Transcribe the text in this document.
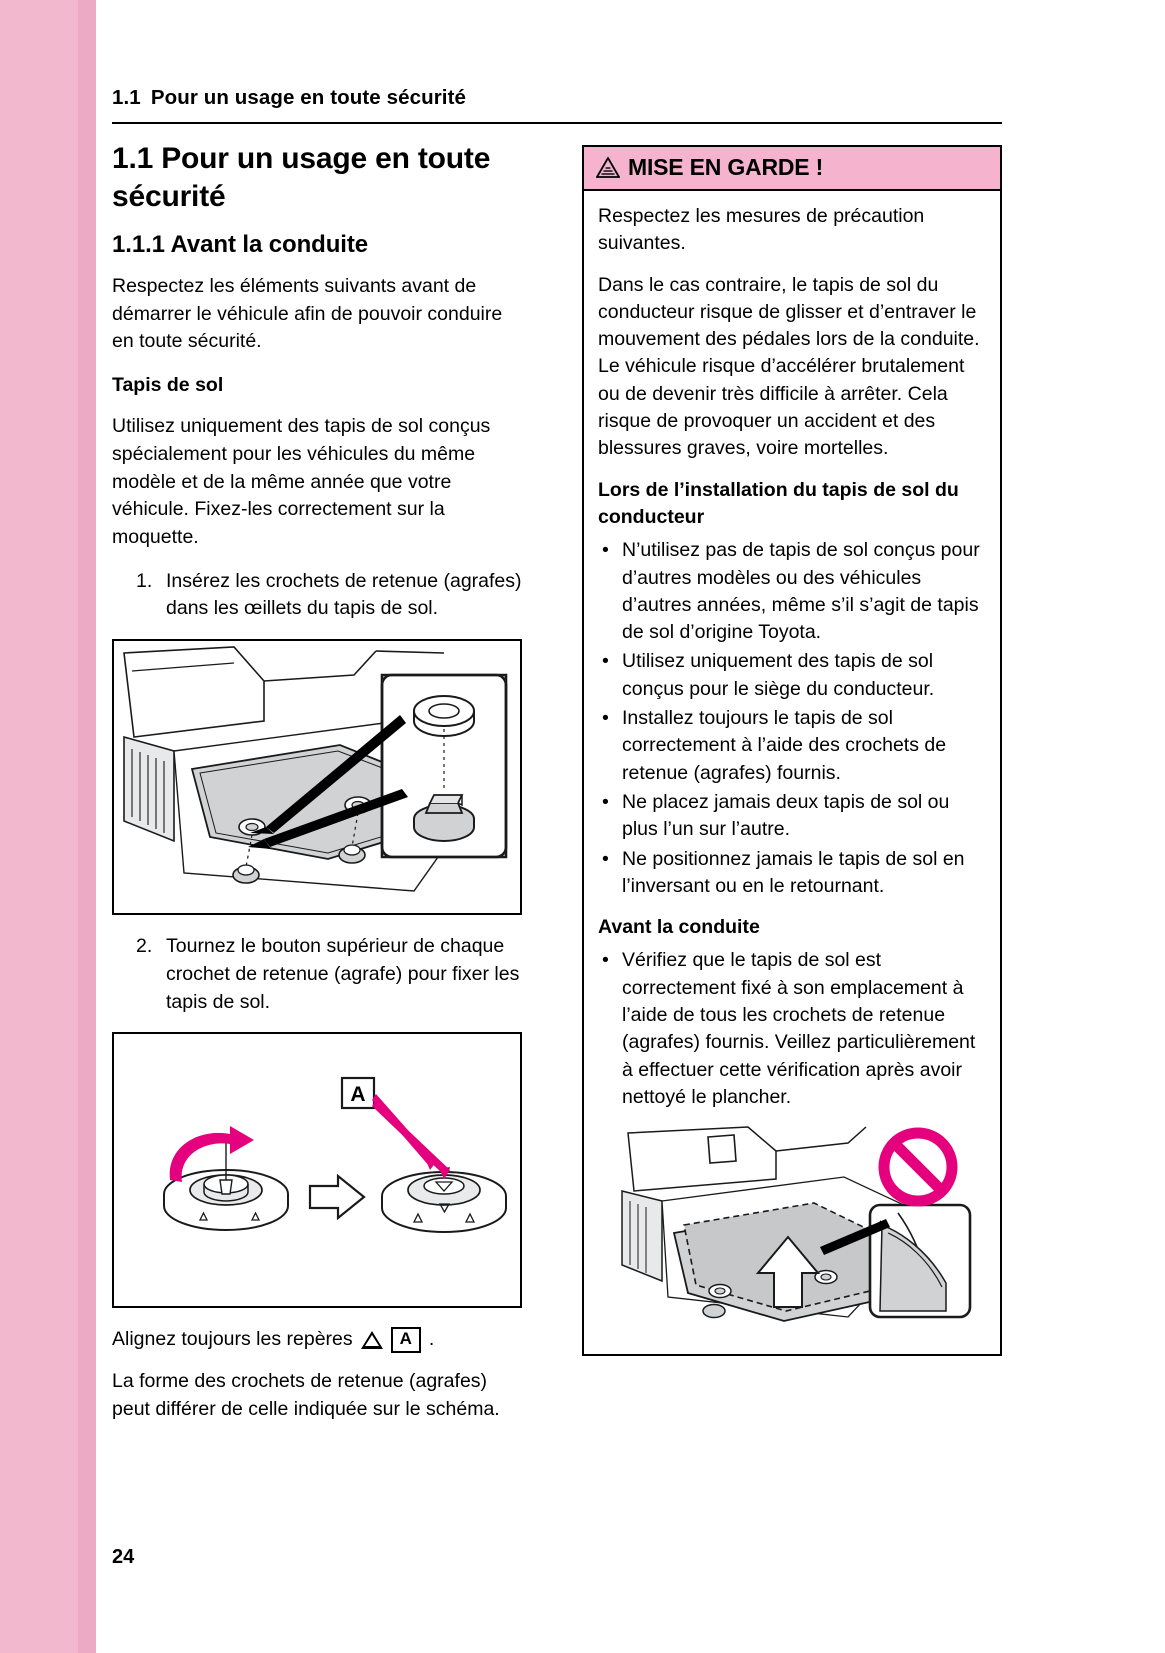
1.1 Pour un usage en toute sécurité
1.1 Pour un usage en toute sécurité
1.1.1 Avant la conduite

Respectez les éléments suivants avant de démarrer le véhicule afin de pouvoir conduire en toute sécurité.

Tapis de sol

Utilisez uniquement des tapis de sol conçus spécialement pour les véhicules du même modèle et de la même année que votre véhicule. Fixez-les correctement sur la moquette.

1. Insérez les crochets de retenue (agrafes) dans les œillets du tapis de sol.
2. Tournez le bouton supérieur de chaque crochet de retenue (agrafe) pour fixer les tapis de sol.
A
Alignez toujours les repères	A .

La forme des crochets de retenue (agrafes) peut différer de celle indiquée sur le schéma.

MISE EN GARDE !

Respectez les mesures de précaution suivantes.

Dans le cas contraire, le tapis de sol du conducteur risque de glisser et d’entraver le mouvement des pédales lors de la conduite. Le véhicule risque d’accélérer brutalement ou de devenir très difficile à arrêter. Cela risque de provoquer un accident et des blessures graves, voire mortelles.

Lors de l’installation du tapis de sol du conducteur

• N’utilisez pas de tapis de sol conçus pour d’autres modèles ou des véhicules d’autres années, même s’il s’agit de tapis de sol d’origine Toyota.
• Utilisez uniquement des tapis de sol conçus pour le siège du conducteur.
• Installez toujours le tapis de sol correctement à l’aide des crochets de retenue (agrafes) fournis.
• Ne placez jamais deux tapis de sol ou plus l’un sur l’autre.
• Ne positionnez jamais le tapis de sol en l’inversant ou en le retournant.

Avant la conduite

• Vérifiez que le tapis de sol est correctement fixé à son emplacement à l’aide de tous les crochets de retenue (agrafes) fournis. Veillez particulièrement à effectuer cette vérification après avoir nettoyé le plancher.
24
